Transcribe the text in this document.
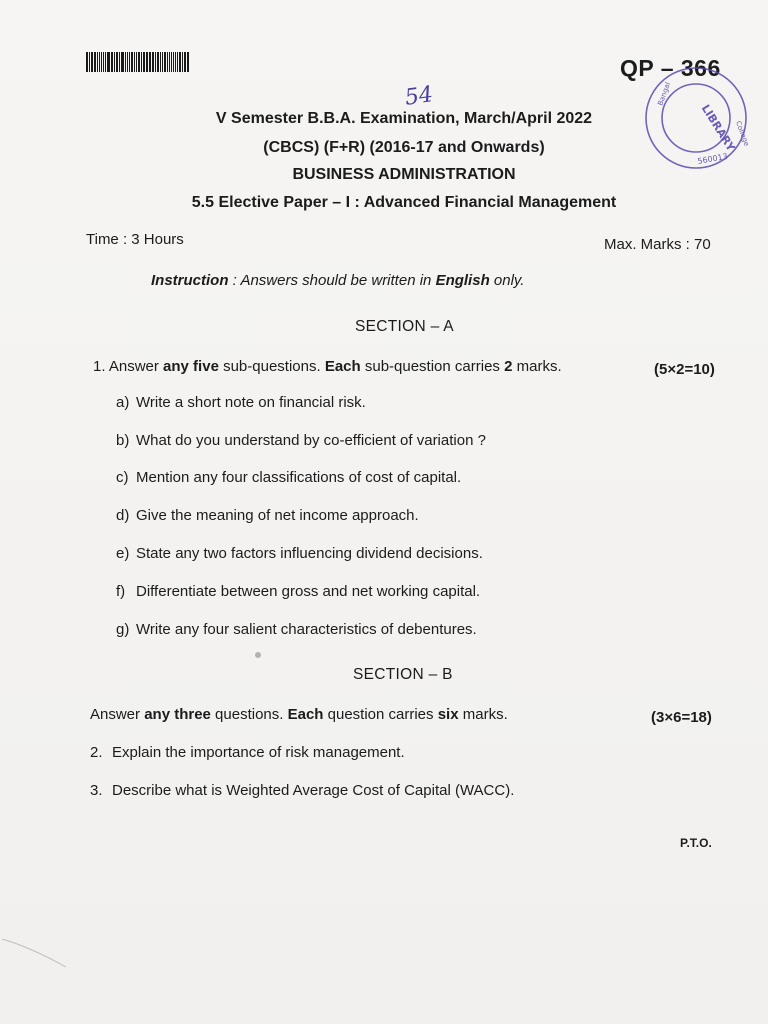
QP – 366
LIBRARY
College
Bangal
560013
54
V Semester B.B.A. Examination, March/April 2022
(CBCS) (F+R) (2016-17 and Onwards)
BUSINESS ADMINISTRATION
5.5 Elective Paper – I : Advanced Financial Management
Time : 3 Hours	Max. Marks : 70
Instruction : Answers should be written in English only.
SECTION – A
1. Answer any five sub-questions. Each sub-question carries 2 marks.	(5×2=10)
a) Write a short note on financial risk.
b) What do you understand by co-efficient of variation ?
c) Mention any four classifications of cost of capital.
d) Give the meaning of net income approach.
e) State any two factors influencing dividend decisions.
f) Differentiate between gross and net working capital.
g) Write any four salient characteristics of debentures.
SECTION – B
Answer any three questions. Each question carries six marks.	(3×6=18)
2. Explain the importance of risk management.
3. Describe what is Weighted Average Cost of Capital (WACC).
P.T.O.
